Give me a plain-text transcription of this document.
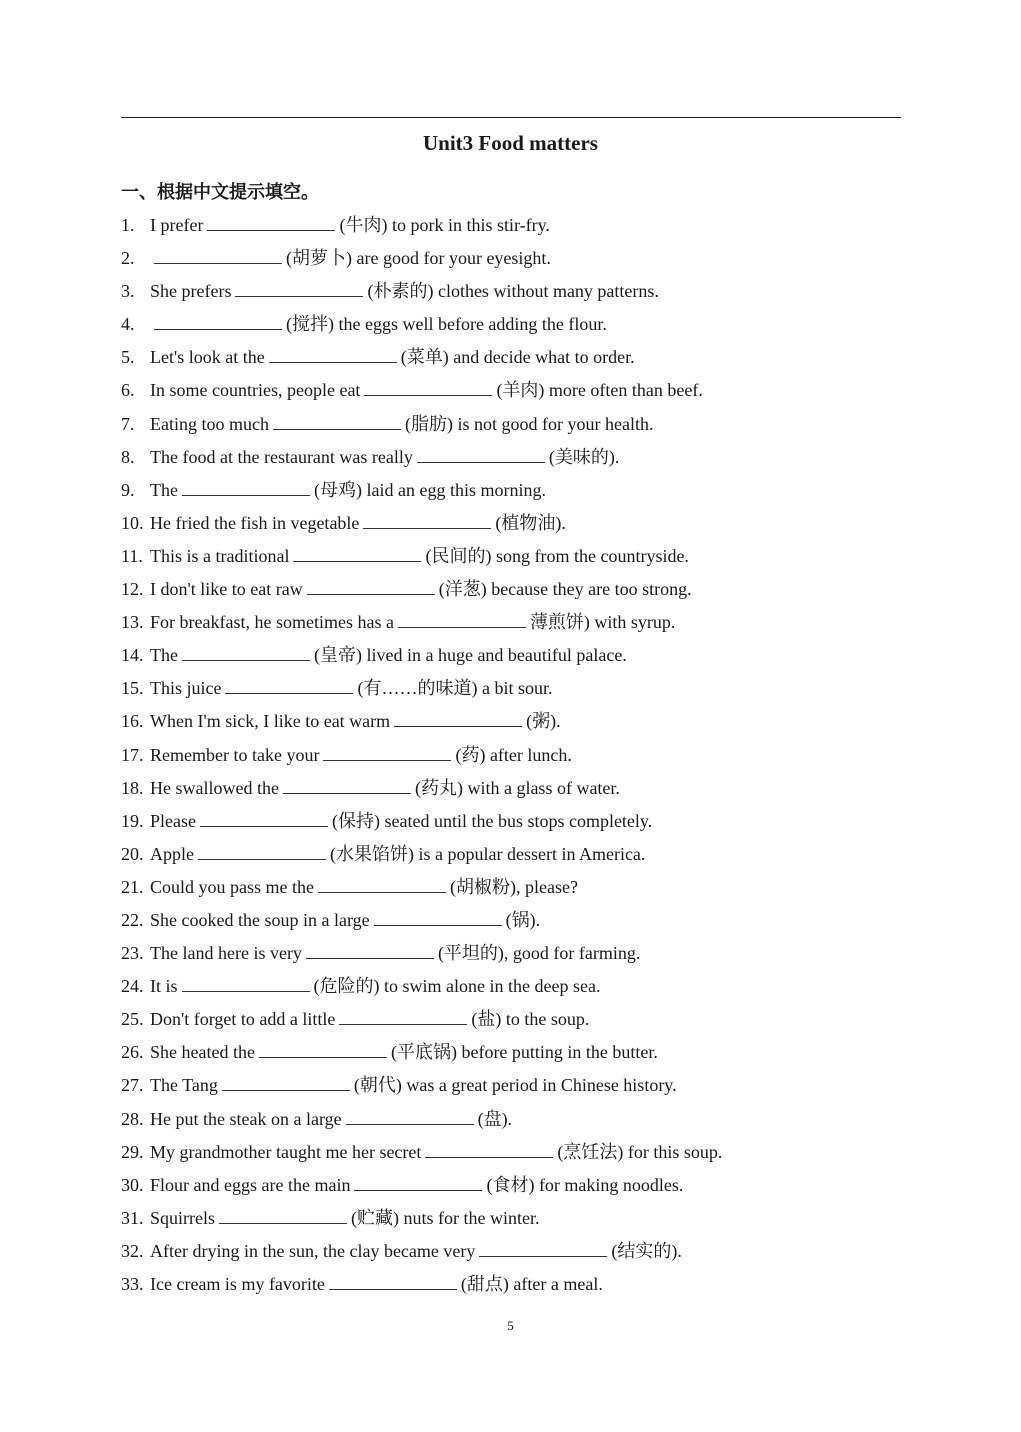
Unit3 Food matters
一、根据中文提示填空。
1. I prefer	(牛肉) to pork in this stir-fry.
2.	(胡萝卜) are good for your eyesight.
3. She prefers	(朴素的) clothes without many patterns.
4.	(搅拌) the eggs well before adding the flour.
5. Let's look at the	(菜单) and decide what to order.
6. In some countries, people eat	(羊肉) more often than beef.
7. Eating too much	(脂肪) is not good for your health.
8. The food at the restaurant was really	(美味的).
9. The	(母鸡) laid an egg this morning.
10. He fried the fish in vegetable	(植物油).
11. This is a traditional	(民间的) song from the countryside.
12. I don't like to eat raw	(洋葱) because they are too strong.
13. For breakfast, he sometimes has a	薄煎饼) with syrup.
14. The	(皇帝) lived in a huge and beautiful palace.
15. This juice	(有……的味道) a bit sour.
16. When I'm sick, I like to eat warm	(粥).
17. Remember to take your	(药) after lunch.
18. He swallowed the	(药丸) with a glass of water.
19. Please	(保持) seated until the bus stops completely.
20. Apple	(水果馅饼) is a popular dessert in America.
21. Could you pass me the	(胡椒粉), please?
22. She cooked the soup in a large	(锅).
23. The land here is very	(平坦的), good for farming.
24. It is	(危险的) to swim alone in the deep sea.
25. Don't forget to add a little	(盐) to the soup.
26. She heated the	(平底锅) before putting in the butter.
27. The Tang	(朝代) was a great period in Chinese history.
28. He put the steak on a large	(盘).
29. My grandmother taught me her secret	(烹饪法) for this soup.
30. Flour and eggs are the main	(食材) for making noodles.
31. Squirrels	(贮藏) nuts for the winter.
32. After drying in the sun, the clay became very	(结实的).
33. Ice cream is my favorite	(甜点) after a meal.
5
